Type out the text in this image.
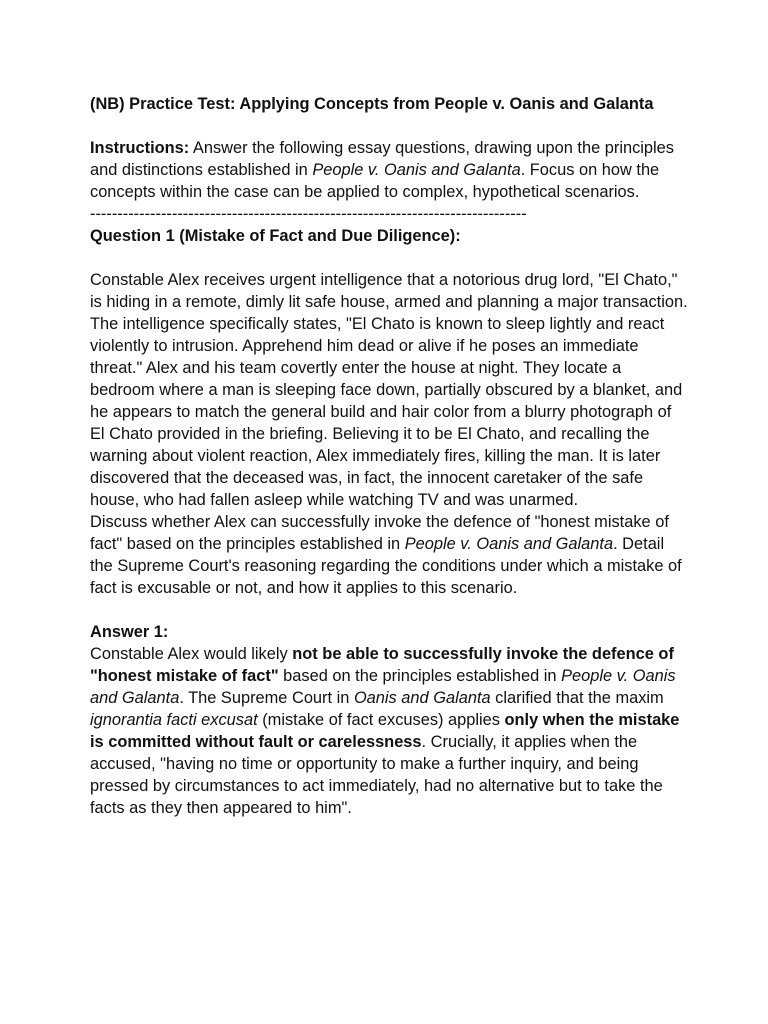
(NB) Practice Test: Applying Concepts from People v. Oanis and Galanta

Instructions: Answer the following essay questions, drawing upon the principles and distinctions established in People v. Oanis and Galanta. Focus on how the concepts within the case can be applied to complex, hypothetical scenarios.

--------------------------------------------------------------------------------

Question 1 (Mistake of Fact and Due Diligence):

Constable Alex receives urgent intelligence that a notorious drug lord, "El Chato," is hiding in a remote, dimly lit safe house, armed and planning a major transaction. The intelligence specifically states, "El Chato is known to sleep lightly and react violently to intrusion. Apprehend him dead or alive if he poses an immediate threat." Alex and his team covertly enter the house at night. They locate a bedroom where a man is sleeping face down, partially obscured by a blanket, and he appears to match the general build and hair color from a blurry photograph of El Chato provided in the briefing. Believing it to be El Chato, and recalling the warning about violent reaction, Alex immediately fires, killing the man. It is later discovered that the deceased was, in fact, the innocent caretaker of the safe house, who had fallen asleep while watching TV and was unarmed.

Discuss whether Alex can successfully invoke the defence of "honest mistake of fact" based on the principles established in People v. Oanis and Galanta. Detail the Supreme Court's reasoning regarding the conditions under which a mistake of fact is excusable or not, and how it applies to this scenario.

Answer 1:

Constable Alex would likely not be able to successfully invoke the defence of "honest mistake of fact" based on the principles established in People v. Oanis and Galanta. The Supreme Court in Oanis and Galanta clarified that the maxim ignorantia facti excusat (mistake of fact excuses) applies only when the mistake is committed without fault or carelessness. Crucially, it applies when the accused, "having no time or opportunity to make a further inquiry, and being pressed by circumstances to act immediately, had no alternative but to take the facts as they then appeared to him".
